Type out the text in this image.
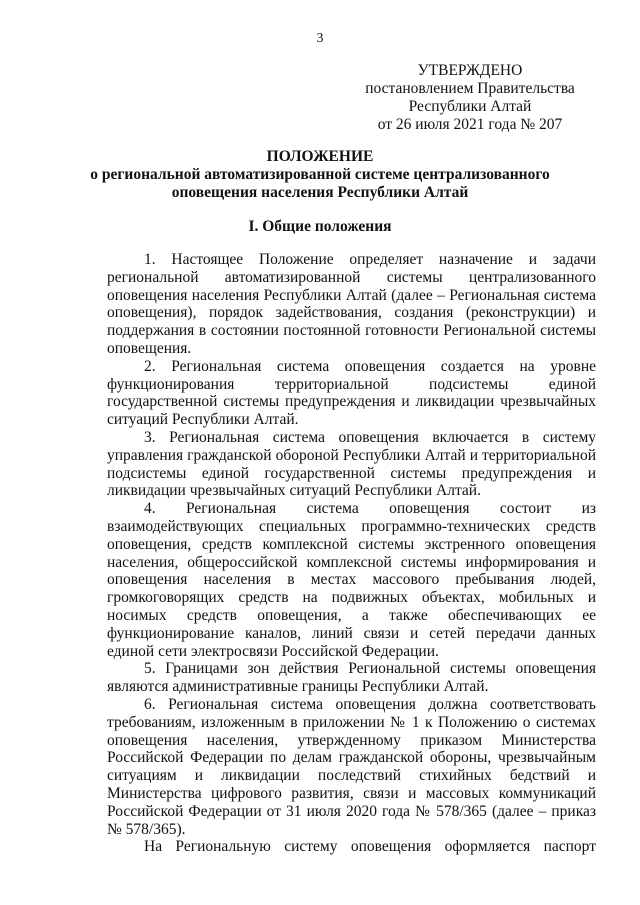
3
УТВЕРЖДЕНО
постановлением Правительства
Республики Алтай
от 26 июля 2021 года № 207
ПОЛОЖЕНИЕ
о региональной автоматизированной системе централизованного
оповещения населения Республики Алтай
I. Общие положения

1. Настоящее Положение определяет назначение и задачи региональной автоматизированной системы централизованного оповещения населения Республики Алтай (далее – Региональная система оповещения), порядок задействования, создания (реконструкции) и поддержания в состоянии постоянной готовности Региональной системы оповещения.

2. Региональная система оповещения создается на уровне функционирования территориальной подсистемы единой государственной системы предупреждения и ликвидации чрезвычайных ситуаций Республики Алтай.

3. Региональная система оповещения включается в систему управления гражданской обороной Республики Алтай и территориальной подсистемы единой государственной системы предупреждения и ликвидации чрезвычайных ситуаций Республики Алтай.

4. Региональная система оповещения состоит из взаимодействующих специальных программно-технических средств оповещения, средств комплексной системы экстренного оповещения населения, общероссийской комплексной системы информирования и оповещения населения в местах массового пребывания людей, громкоговорящих средств на подвижных объектах, мобильных и носимых средств оповещения, а также обеспечивающих ее функционирование каналов, линий связи и сетей передачи данных единой сети электросвязи Российской Федерации.

5. Границами зон действия Региональной системы оповещения являются административные границы Республики Алтай.

6. Региональная система оповещения должна соответствовать требованиям, изложенным в приложении № 1 к Положению о системах оповещения населения, утвержденному приказом Министерства Российской Федерации по делам гражданской обороны, чрезвычайным ситуациям и ликвидации последствий стихийных бедствий и Министерства цифрового развития, связи и массовых коммуникаций Российской Федерации от 31 июля 2020 года № 578/365 (далее – приказ № 578/365).

На Региональную систему оповещения оформляется паспорт
